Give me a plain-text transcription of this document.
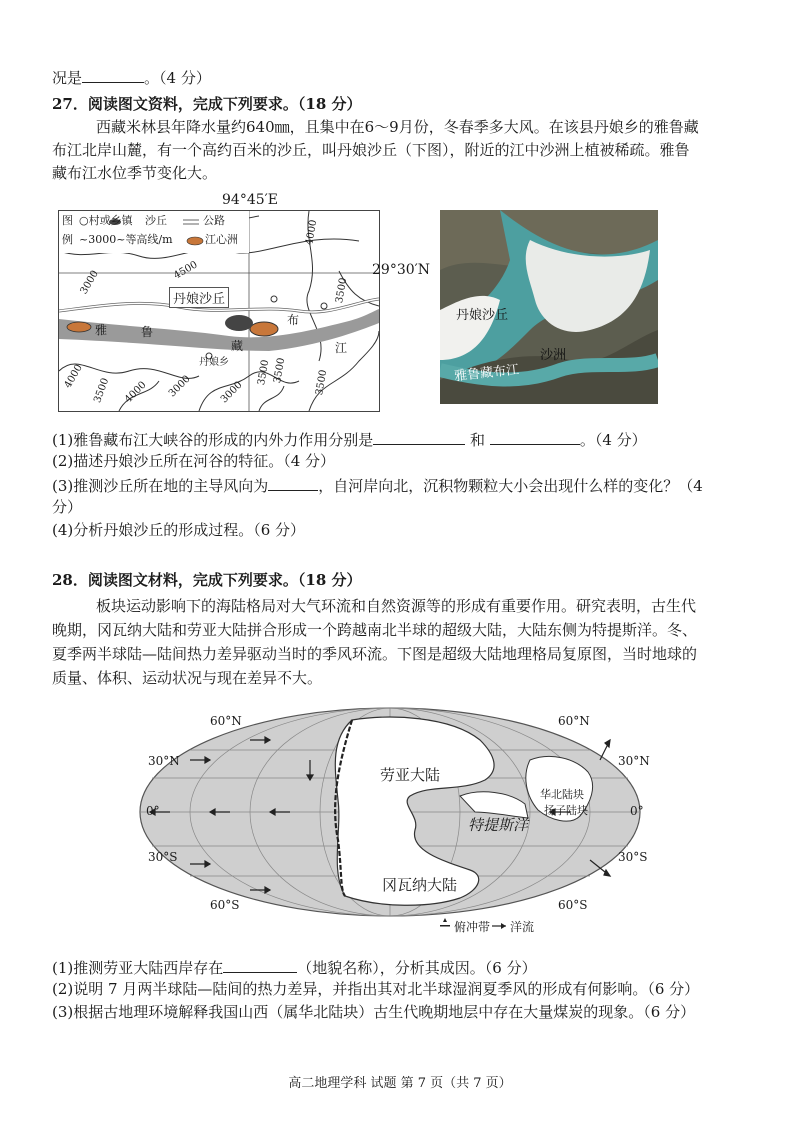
况是	。（4 分）
27．阅读图文资料，完成下列要求。（18 分）
西藏米林县年降水量约640㎜，且集中在6～9月份，冬春季多大风。在该县丹娘乡的雅鲁藏
布江北岸山麓，有一个高约百米的沙丘，叫丹娘沙丘（下图），附近的江中沙洲上植被稀疏。雅鲁
藏布江水位季节变化大。
94°45′E
图
例
○村或乡镇 沙丘	公路
~3000~等高线/m	江心洲
丹娘沙丘
雅	鲁
藏
布
江
丹娘乡
3000	4500
3500
4000
4000
3500	3000
3500 3500
4000	3000	3500
29°30′N
丹娘沙丘
沙洲
雅鲁藏布江
(1)雅鲁藏布江大峡谷的形成的内外力作用分别是	和	。（4 分）
(2)描述丹娘沙丘所在河谷的特征。（4 分）
(3)推测沙丘所在地的主导风向为	，自河岸向北，沉积物颗粒大小会出现什么样的变化？（4
分）
(4)分析丹娘沙丘的形成过程。（6 分）
28．阅读图文材料，完成下列要求。（18 分）
板块运动影响下的海陆格局对大气环流和自然资源等的形成有重要作用。研究表明，古生代
晚期，冈瓦纳大陆和劳亚大陆拼合形成一个跨越南北半球的超级大陆，大陆东侧为特提斯洋。冬、
夏季两半球陆—陆间热力差异驱动当时的季风环流。下图是超级大陆地理格局复原图，当时地球的
质量、体积、运动状况与现在差异不大。
60°N	60°N
30°N	30°N
0°	0°
30°S	30°S
60°S	60°S
劳亚大陆
特提斯洋
冈瓦纳大陆
华北陆块
扬子陆块
俯冲带 洋流
(1)推测劳亚大陆西岸存在	（地貌名称），分析其成因。（6 分）
(2)说明 7 月两半球陆—陆间的热力差异，并指出其对北半球湿润夏季风的形成有何影响。（6 分）
(3)根据古地理环境解释我国山西（属华北陆块）古生代晚期地层中存在大量煤炭的现象。（6 分）
高二地理学科 试题 第 7 页（共 7 页）
